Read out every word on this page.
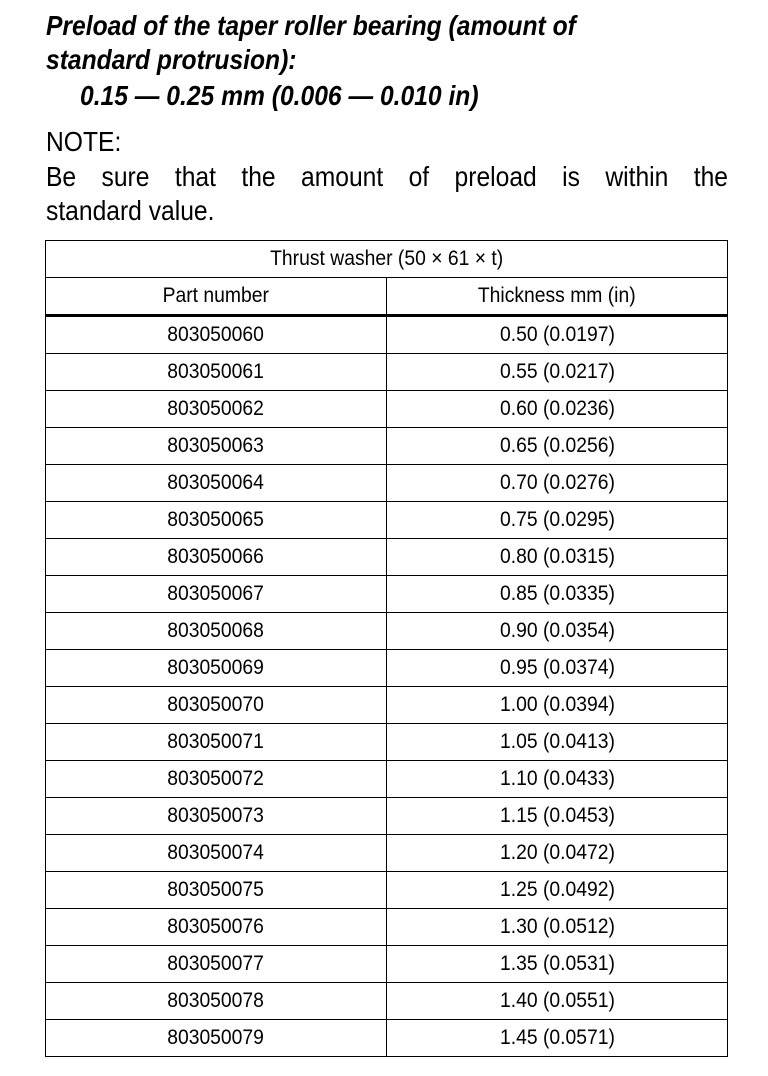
Preload of the taper roller bearing (amount of
standard protrusion):
0.15 — 0.25 mm (0.006 — 0.010 in)
NOTE:
Be sure that the amount of preload is within the
standard value.
Thrust washer (50 × 61 × t)	
Part number	Thickness mm (in)
803050060	0.50 (0.0197)
803050061	0.55 (0.0217)
803050062	0.60 (0.0236)
803050063	0.65 (0.0256)
803050064	0.70 (0.0276)
803050065	0.75 (0.0295)
803050066	0.80 (0.0315)
803050067	0.85 (0.0335)
803050068	0.90 (0.0354)
803050069	0.95 (0.0374)
803050070	1.00 (0.0394)
803050071	1.05 (0.0413)
803050072	1.10 (0.0433)
803050073	1.15 (0.0453)
803050074	1.20 (0.0472)
803050075	1.25 (0.0492)
803050076	1.30 (0.0512)
803050077	1.35 (0.0531)
803050078	1.40 (0.0551)
803050079	1.45 (0.0571)
